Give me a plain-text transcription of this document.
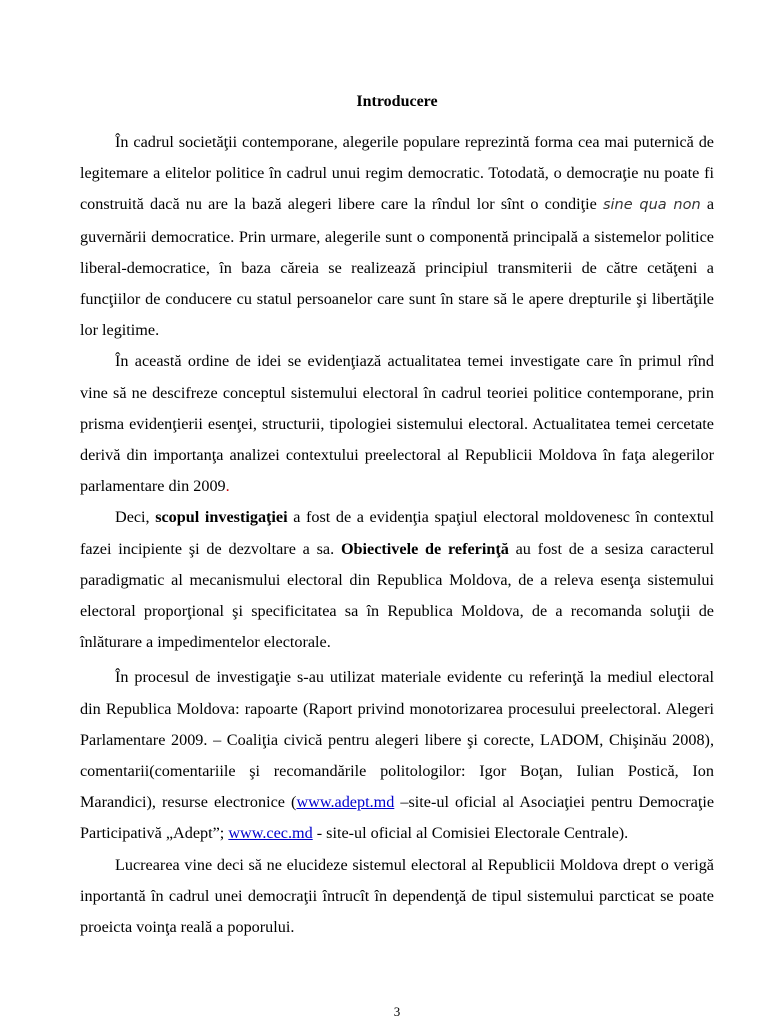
Introducere

În cadrul societăţii contemporane, alegerile populare reprezintă forma cea mai puternică de legitemare a elitelor politice în cadrul unui regim democratic. Totodată, o democraţie nu poate fi construită dacă nu are la bază alegeri libere care la rîndul lor sînt o condiţie sine qua non a guvernării democratice. Prin urmare, alegerile sunt o componentă principală a sistemelor politice liberal-democratice, în baza căreia se realizează principiul transmiterii de către cetăţeni a funcţiilor de conducere cu statul persoanelor care sunt în stare să le apere drepturile şi libertăţile lor legitime.

În această ordine de idei se evidenţiază actualitatea temei investigate care în primul rînd vine să ne descifreze conceptul sistemului electoral în cadrul teoriei politice contemporane, prin prisma evidenţierii esenţei, structurii, tipologiei sistemului electoral. Actualitatea temei cercetate derivă din importanţa analizei contextului preelectoral al Republicii Moldova în faţa alegerilor parlamentare din 2009.

Deci, scopul investigaţiei a fost de a evidenţia spaţiul electoral moldovenesc în contextul fazei incipiente şi de dezvoltare a sa. Obiectivele de referinţă au fost de a sesiza caracterul paradigmatic al mecanismului electoral din Republica Moldova, de a releva esenţa sistemului electoral proporţional şi specificitatea sa în Republica Moldova, de a recomanda soluţii de înlăturare a impedimentelor electorale.

În procesul de investigaţie s-au utilizat materiale evidente cu referinţă la mediul electoral din Republica Moldova: rapoarte (Raport privind monotorizarea procesului preelectoral. Alegeri Parlamentare 2009. – Coaliţia civică pentru alegeri libere şi corecte, LADOM, Chişinău 2008), comentarii(comentariile şi recomandările politologilor: Igor Boţan, Iulian Postică, Ion Marandici), resurse electronice (www.adept.md –site-ul oficial al Asociaţiei pentru Democraţie Participativă „Adept”; www.cec.md - site-ul oficial al Comisiei Electorale Centrale).

Lucrearea vine deci să ne elucideze sistemul electoral al Republicii Moldova drept o verigă inportantă în cadrul unei democraţii întrucît în dependenţă de tipul sistemului parcticat se poate proeicta voinţa reală a poporului.

3
